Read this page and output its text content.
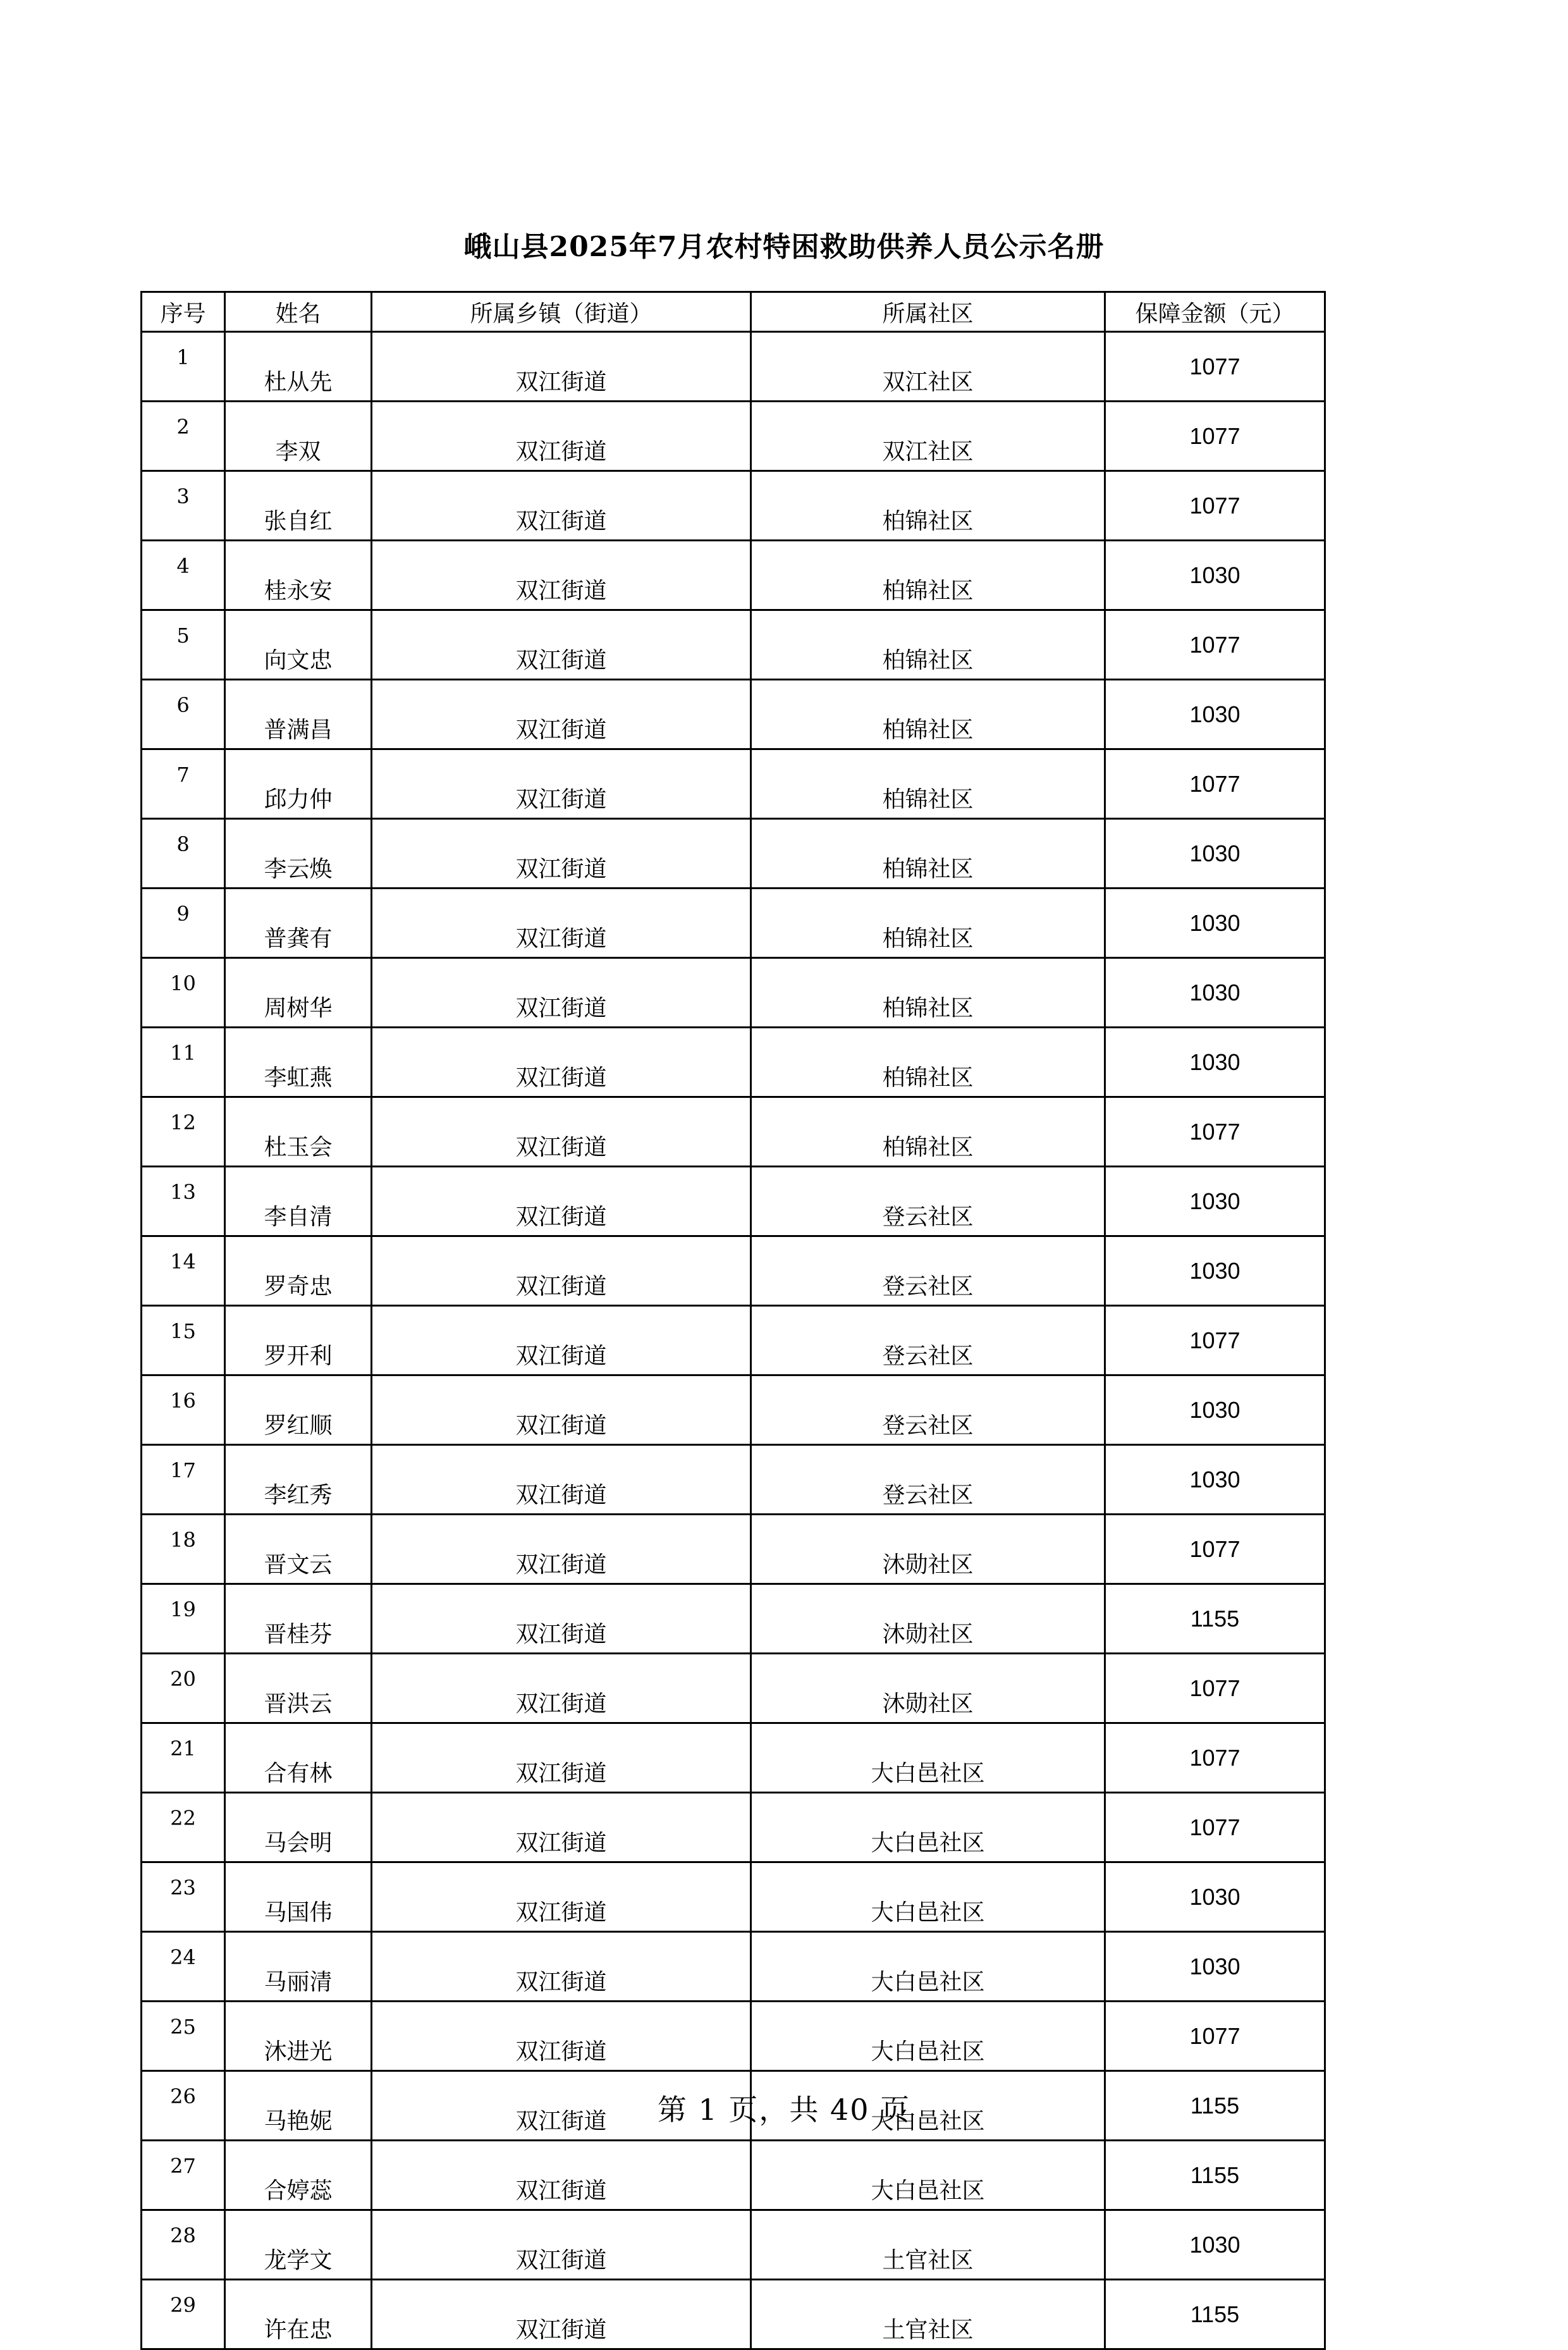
峨山县2025年7月农村特困救助供养人员公示名册
序号	姓名	所属乡镇（街道）	所属社区	保障金额（元）
1	杜从先	双江街道	双江社区	1077
2	李双	双江街道	双江社区	1077
3	张自红	双江街道	柏锦社区	1077
4	桂永安	双江街道	柏锦社区	1030
5	向文忠	双江街道	柏锦社区	1077
6	普满昌	双江街道	柏锦社区	1030
7	邱力仲	双江街道	柏锦社区	1077
8	李云焕	双江街道	柏锦社区	1030
9	普龚有	双江街道	柏锦社区	1030
10	周树华	双江街道	柏锦社区	1030
11	李虹燕	双江街道	柏锦社区	1030
12	杜玉会	双江街道	柏锦社区	1077
13	李自清	双江街道	登云社区	1030
14	罗奇忠	双江街道	登云社区	1030
15	罗开利	双江街道	登云社区	1077
16	罗红顺	双江街道	登云社区	1030
17	李红秀	双江街道	登云社区	1030
18	晋文云	双江街道	沐勋社区	1077
19	晋桂芬	双江街道	沐勋社区	1155
20	晋洪云	双江街道	沐勋社区	1077
21	合有林	双江街道	大白邑社区	1077
22	马会明	双江街道	大白邑社区	1077
23	马国伟	双江街道	大白邑社区	1030
24	马丽清	双江街道	大白邑社区	1030
25	沐进光	双江街道	大白邑社区	1077
26	马艳妮	双江街道	大白邑社区	1155
27	合婷蕊	双江街道	大白邑社区	1155
28	龙学文	双江街道	土官社区	1030
29	许在忠	双江街道	土官社区	1155
第 1 页，共 40 页
